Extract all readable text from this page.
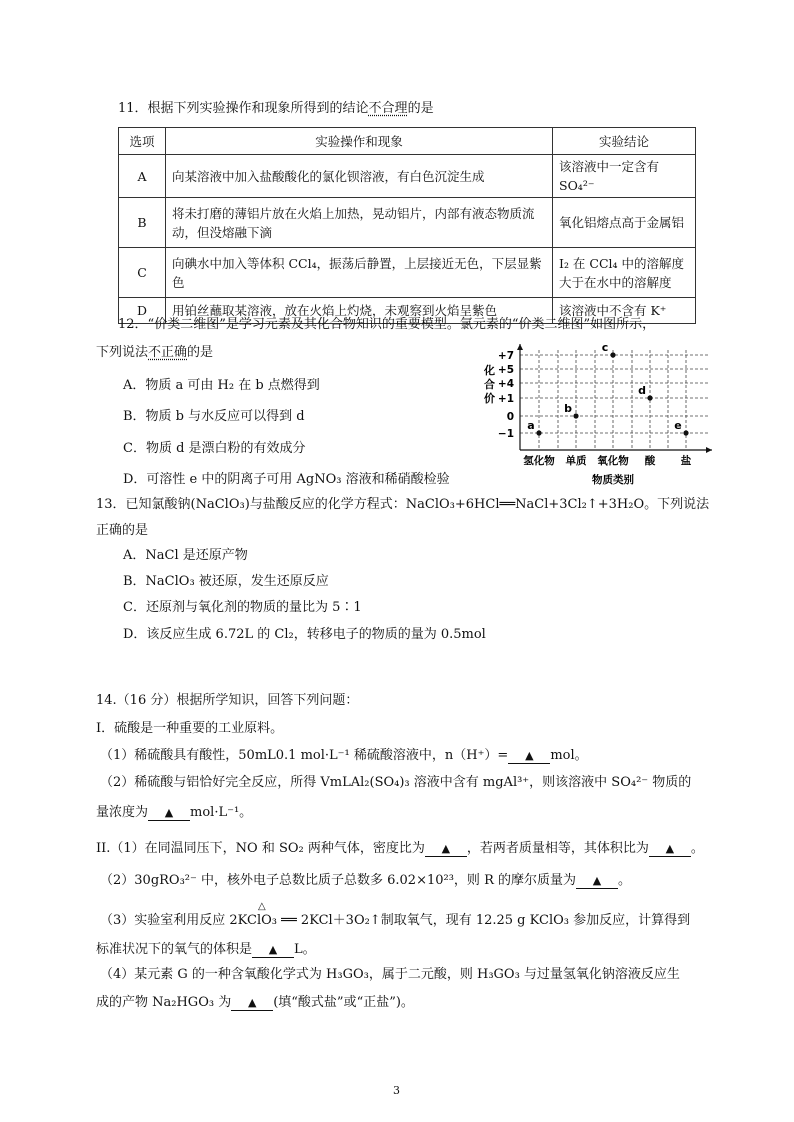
11．根据下列实验操作和现象所得到的结论不合理的是
选项	实验操作和现象	实验结论
A	向某溶液中加入盐酸酸化的氯化钡溶液，有白色沉淀生成	该溶液中一定含有 SO₄²⁻
B	将未打磨的薄铝片放在火焰上加热，晃动铝片，内部有液态物质流动，但没熔融下滴	氧化铝熔点高于金属铝
C	向碘水中加入等体积 CCl₄，振荡后静置，上层接近无色，下层显紫色	I₂ 在 CCl₄ 中的溶解度大于在水中的溶解度
D	用铂丝蘸取某溶液，放在火焰上灼烧，未观察到火焰呈紫色	该溶液中不含有 K⁺
12．“价类二维图”是学习元素及其化合物知识的重要模型。氯元素的“价类二维图”如图所示，
下列说法不正确的是
A．物质 a 可由 H₂ 在 b 点燃得到
B．物质 b 与水反应可以得到 d
C．物质 d 是漂白粉的有效成分
D．可溶性 e 中的阴离子可用 AgNO₃ 溶液和稀硝酸检验
+7
+5
+4
+1
0
−1
氢化物 单质 氧化物 酸 盐
a
b
c
d
e
化合价
物质类别
13．已知氯酸钠(NaClO₃)与盐酸反应的化学方程式：NaClO₃+6HCl══NaCl+3Cl₂↑+3H₂O。下列说法
正确的是
A．NaCl 是还原产物
B．NaClO₃ 被还原，发生还原反应
C．还原剂与氧化剂的物质的量比为 5∶1
D．该反应生成 6.72L 的 Cl₂，转移电子的物质的量为 0.5mol
14.（16 分）根据所学知识，回答下列问题：
I．硫酸是一种重要的工业原料。
（1）稀硫酸具有酸性，50mL0.1 mol·L⁻¹ 稀硫酸溶液中，n（H⁺）= ▲ mol。
（2）稀硫酸与铝恰好完全反应，所得 VmLAl₂(SO₄)₃ 溶液中含有 mgAl³⁺，则该溶液中 SO₄²⁻ 物质的
量浓度为 ▲ mol·L⁻¹。
II.（1）在同温同压下，NO 和 SO₂ 两种气体，密度比为 ▲ ，若两者质量相等，其体积比为 ▲ 。
（2）30gRO₃²⁻ 中，核外电子总数比质子总数多 6.02×10²³，则 R 的摩尔质量为 ▲ 。
△
（3）实验室利用反应 2KClO₃ ══ 2KCl＋3O₂↑制取氧气，现有 12.25 g KClO₃ 参加反应，计算得到
标准状况下的氧气的体积是 ▲ L。
（4）某元素 G 的一种含氧酸化学式为 H₃GO₃，属于二元酸，则 H₃GO₃ 与过量氢氧化钠溶液反应生
成的产物 Na₂HGO₃ 为 ▲ (填“酸式盐”或“正盐”)。
3
